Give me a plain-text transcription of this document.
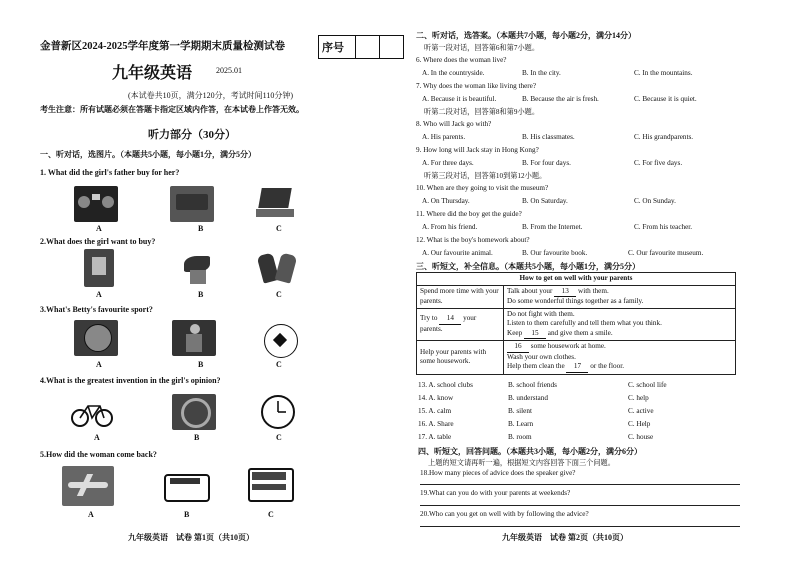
金普新区2024-2025学年度第一学期期末质量检测试卷	序号
九年级英语	2025.01
(本试卷共10页，满分120分，考试时间110分钟)
考生注意：所有试题必须在答题卡指定区域内作答，在本试卷上作答无效。
听力部分（30分）
一、听对话，选图片。（本题共5小题，每小题1分，满分5分）
1. What did the girl's father buy for her?
A	B	C
2.What does the girl want to buy?
A	B	C
3.What's Betty's favourite sport?
A	B	C
4.What is the greatest invention in the girl's opinion?
A	B	C
5.How did the woman come back?
A	B	C
九年级英语　试卷 第1页（共10页）
二、听对话，选答案。（本题共7小题，每小题2分，满分14分）
听第一段对话，回答第6和第7小题。
6. Where does the woman live?
A. In the countryside.	B. In the city.	C. In the mountains.
7. Why does the woman like living there?
A. Because it is beautiful.	B. Because the air is fresh.	C. Because it is quiet.
听第二段对话，回答第8和第9小题。
8. Who will Jack go with?
A. His parents.	B. His classmates.	C. His grandparents.
9. How long will Jack stay in Hong Kong?
A. For three days.	B. For four days.	C. For five days.
听第三段对话，回答第10到第12小题。
10. When are they going to visit the museum?
A. On Thursday.	B. On Saturday.	C. On Sunday.
11. Where did the boy get the guide?
A. From his friend.	B. From the Internet.	C. From his teacher.
12. What is the boy's homework about?
A. Our favourite animal.	B. Our favourite book.	C. Our favourite museum.
三、听短文，补全信息。（本题共5小题，每小题1分，满分5分）
How to get on well with your parents	
Spend more time with your parents.	Talk about your 13 with them.
Do some wonderful things together as a family.
Try to 14 your parents.	Do not fight with them.
Listen to them carefully and tell them what you think.
Keep 15 and give them a smile.
Help your parents with some housework.	16 some housework at home.
Wash your own clothes.
Help them clean the 17 or the floor.
13. A. school clubs	B. school friends	C. school life
14. A. know	B. understand	C. help
15. A. calm	B. silent	C. active
16. A. Share	B. Learn	C. Help
17. A. table	B. room	C. house
四、听短文，回答问题。（本题共3小题，每小题2分，满分6分）
上题的短文请再听一遍，根据短文内容回答下面三个问题。
18.How many pieces of advice does the speaker give?
19.What can you do with your parents at weekends?
20.Who can you get on well with by following the advice?
九年级英语　试卷 第2页（共10页）
